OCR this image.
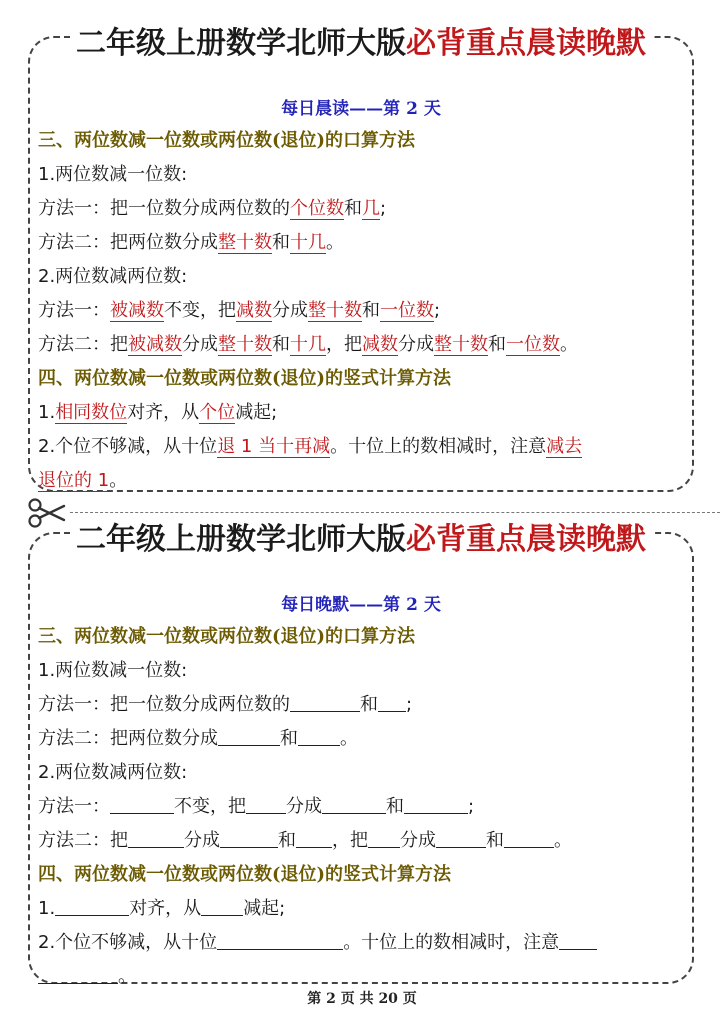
二年级上册数学北师大版必背重点晨读晚默
每日晨读——第 2 天
三、两位数减一位数或两位数(退位)的口算方法
1.两位数减一位数:
方法一：把一位数分成两位数的个位数和几;
方法二：把两位数分成整十数和十几。
2.两位数减两位数:
方法一：被减数不变，把减数分成整十数和一位数;
方法二：把被减数分成整十数和十几，把减数分成整十数和一位数。
四、两位数减一位数或两位数(退位)的竖式计算方法
1.相同数位对齐，从个位减起;
2.个位不够减，从十位退 1 当十再减。十位上的数相减时，注意减去
退位的 1。
二年级上册数学北师大版必背重点晨读晚默
每日晚默——第 2 天
三、两位数减一位数或两位数(退位)的口算方法
1.两位数减一位数:
方法一：把一位数分成两位数的	和 ;
方法二：把两位数分成	和 。
2.两位数减两位数:
方法一：	不变，把 分成	和	;
方法二：把	分成	和 ，把 分成	和	。
四、两位数减一位数或两位数(退位)的竖式计算方法
1.	对齐，从 减起;
2.个位不够减，从十位	。十位上的数相减时，注意
。
第 2 页 共 20 页
